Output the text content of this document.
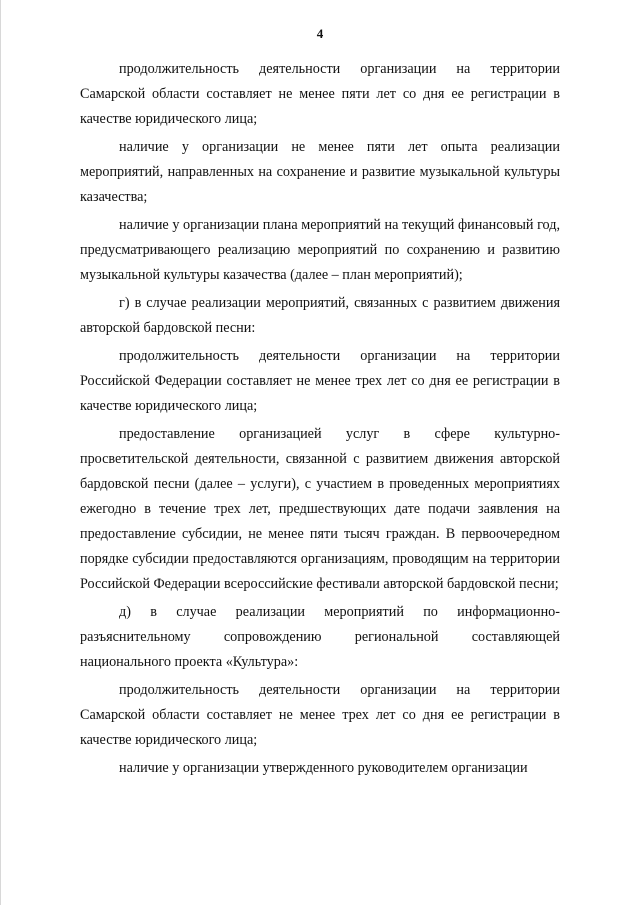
4

продолжительность деятельности организации на территории Самарской области составляет не менее пяти лет со дня ее регистрации в качестве юридического лица;

наличие у организации не менее пяти лет опыта реализации мероприятий, направленных на сохранение и развитие музыкальной культуры казачества;

наличие у организации плана мероприятий на текущий финансовый год, предусматривающего реализацию мероприятий по сохранению и развитию музыкальной культуры казачества (далее – план мероприятий);

г) в случае реализации мероприятий, связанных с развитием движения авторской бардовской песни:

продолжительность деятельности организации на территории Российской Федерации составляет не менее трех лет со дня ее регистрации в качестве юридического лица;

предоставление организацией услуг в сфере культурно-просветительской деятельности, связанной с развитием движения авторской бардовской песни (далее – услуги), с участием в проведенных мероприятиях ежегодно в течение трех лет, предшествующих дате подачи заявления на предоставление субсидии, не менее пяти тысяч граждан. В первоочередном порядке субсидии предоставляются организациям, проводящим на территории Российской Федерации всероссийские фестивали авторской бардовской песни;

д) в случае реализации мероприятий по информационно-разъяснительному сопровождению региональной составляющей национального проекта «Культура»:

продолжительность деятельности организации на территории Самарской области составляет не менее трех лет со дня ее регистрации в качестве юридического лица;

наличие у организации утвержденного руководителем организации
